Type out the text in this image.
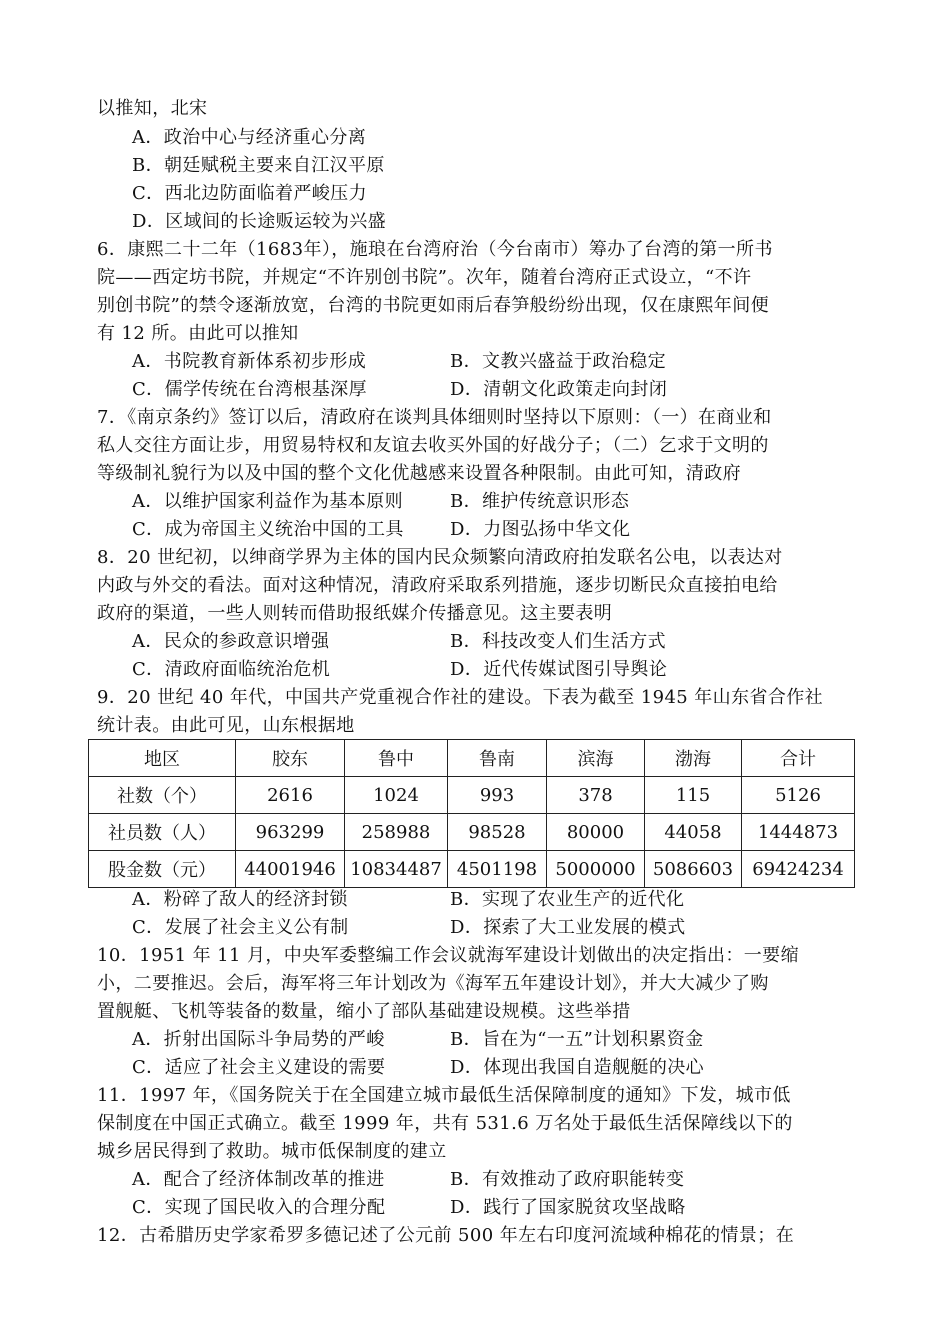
以推知，北宋
A．政治中心与经济重心分离
B．朝廷赋税主要来自江汉平原
C．西北边防面临着严峻压力
D．区域间的长途贩运较为兴盛
6．康熙二十二年（1683年），施琅在台湾府治（今台南市）筹办了台湾的第一所书
院——西定坊书院，并规定“不许别创书院”。次年，随着台湾府正式设立，“不许
别创书院”的禁令逐渐放宽，台湾的书院更如雨后春笋般纷纷出现，仅在康熙年间便
有 12 所。由此可以推知
A．书院教育新体系初步形成	B．文教兴盛益于政治稳定
C．儒学传统在台湾根基深厚	D．清朝文化政策走向封闭
7．《南京条约》签订以后，清政府在谈判具体细则时坚持以下原则：（一）在商业和
私人交往方面让步，用贸易特权和友谊去收买外国的好战分子；（二）乞求于文明的
等级制礼貌行为以及中国的整个文化优越感来设置各种限制。由此可知，清政府
A．以维护国家利益作为基本原则	B．维护传统意识形态
C．成为帝国主义统治中国的工具	D．力图弘扬中华文化
8．20 世纪初，以绅商学界为主体的国内民众频繁向清政府拍发联名公电，以表达对
内政与外交的看法。面对这种情况，清政府采取系列措施，逐步切断民众直接拍电给
政府的渠道，一些人则转而借助报纸媒介传播意见。这主要表明
A．民众的参政意识增强	B．科技改变人们生活方式
C．清政府面临统治危机	D．近代传媒试图引导舆论
9．20 世纪 40 年代，中国共产党重视合作社的建设。下表为截至 1945 年山东省合作社
统计表。由此可见，山东根据地
地区	胶东	鲁中	鲁南	滨海	渤海	合计
社数（个）	2616	1024	993	378	115	5126
社员数（人）	963299	258988	98528	80000	44058	1444873
股金数（元）	44001946	10834487	4501198	5000000	5086603	69424234
A．粉碎了敌人的经济封锁	B．实现了农业生产的近代化
C．发展了社会主义公有制	D．探索了大工业发展的模式
10．1951 年 11 月，中央军委整编工作会议就海军建设计划做出的决定指出：一要缩
小，二要推迟。会后，海军将三年计划改为《海军五年建设计划》，并大大减少了购
置舰艇、飞机等装备的数量，缩小了部队基础建设规模。这些举措
A．折射出国际斗争局势的严峻	B．旨在为“一五”计划积累资金
C．适应了社会主义建设的需要	D．体现出我国自造舰艇的决心
11．1997 年，《国务院关于在全国建立城市最低生活保障制度的通知》下发，城市低
保制度在中国正式确立。截至 1999 年，共有 531.6 万名处于最低生活保障线以下的
城乡居民得到了救助。城市低保制度的建立
A．配合了经济体制改革的推进	B．有效推动了政府职能转变
C．实现了国民收入的合理分配	D．践行了国家脱贫攻坚战略
12．古希腊历史学家希罗多德记述了公元前 500 年左右印度河流域种棉花的情景；在
